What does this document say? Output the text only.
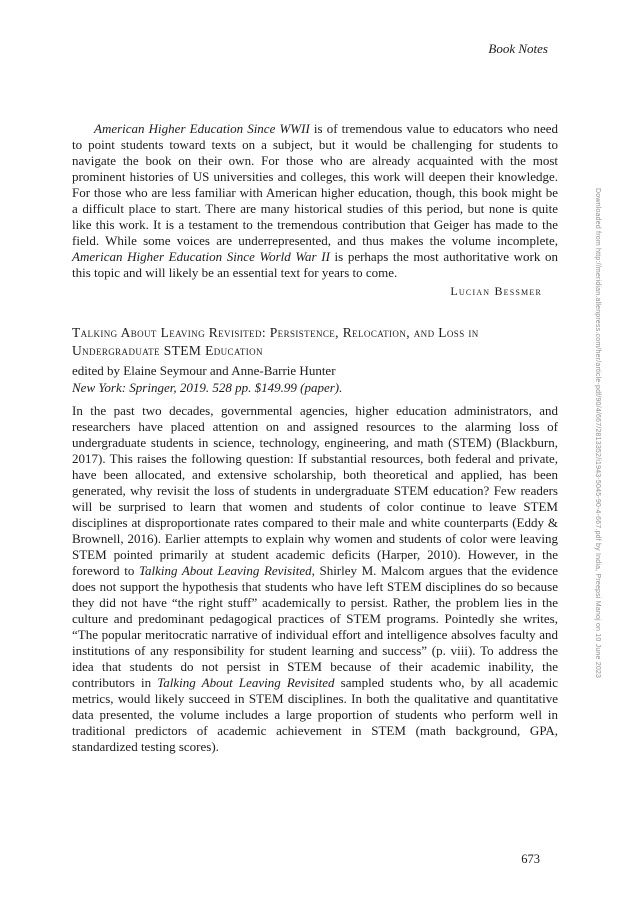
Book Notes

American Higher Education Since WWII is of tremendous value to educators who need to point students toward texts on a subject, but it would be challenging for students to navigate the book on their own. For those who are already acquainted with the most prominent histories of US universities and colleges, this work will deepen their knowledge. For those who are less familiar with American higher education, though, this book might be a difficult place to start. There are many historical studies of this period, but none is quite like this work. It is a testament to the tremendous contribution that Geiger has made to the field. While some voices are underrepresented, and thus makes the volume incomplete, American Higher Education Since World War II is perhaps the most authoritative work on this topic and will likely be an essential text for years to come.

Lucian Bessmer
Talking About Leaving Revisited: Persistence, Relocation, and Loss in Undergraduate STEM Education
edited by Elaine Seymour and Anne-Barrie Hunter
New York: Springer, 2019. 528 pp. $149.99 (paper).

In the past two decades, governmental agencies, higher education administrators, and researchers have placed attention on and assigned resources to the alarming loss of undergraduate students in science, technology, engineering, and math (STEM) (Blackburn, 2017). This raises the following question: If substantial resources, both federal and private, have been allocated, and extensive scholarship, both theoretical and applied, has been generated, why revisit the loss of students in undergraduate STEM education? Few readers will be surprised to learn that women and students of color continue to leave STEM disciplines at disproportionate rates compared to their male and white counterparts (Eddy & Brownell, 2016). Earlier attempts to explain why women and students of color were leaving STEM pointed primarily at student academic deficits (Harper, 2010). However, in the foreword to Talking About Leaving Revisited, Shirley M. Malcom argues that the evidence does not support the hypothesis that students who have left STEM disciplines do so because they did not have “the right stuff” academically to persist. Rather, the problem lies in the culture and predominant pedagogical practices of STEM programs. Pointedly she writes, “The popular meritocratic narrative of individual effort and intelligence absolves faculty and institutions of any responsibility for student learning and success” (p. viii). To address the idea that students do not persist in STEM because of their academic inability, the contributors in Talking About Leaving Revisited sampled students who, by all academic metrics, would likely succeed in STEM disciplines. In both the qualitative and quantitative data presented, the volume includes a large proportion of students who perform well in traditional predictors of academic achievement in STEM (math background, GPA, standardized testing scores).

673
Downloaded from http://meridian.allenpress.com/her/article-pdf/90/4/667/2813352/i1943-5045-90-4-667.pdf by India, Preepsi Manoj on 10 June 2023
